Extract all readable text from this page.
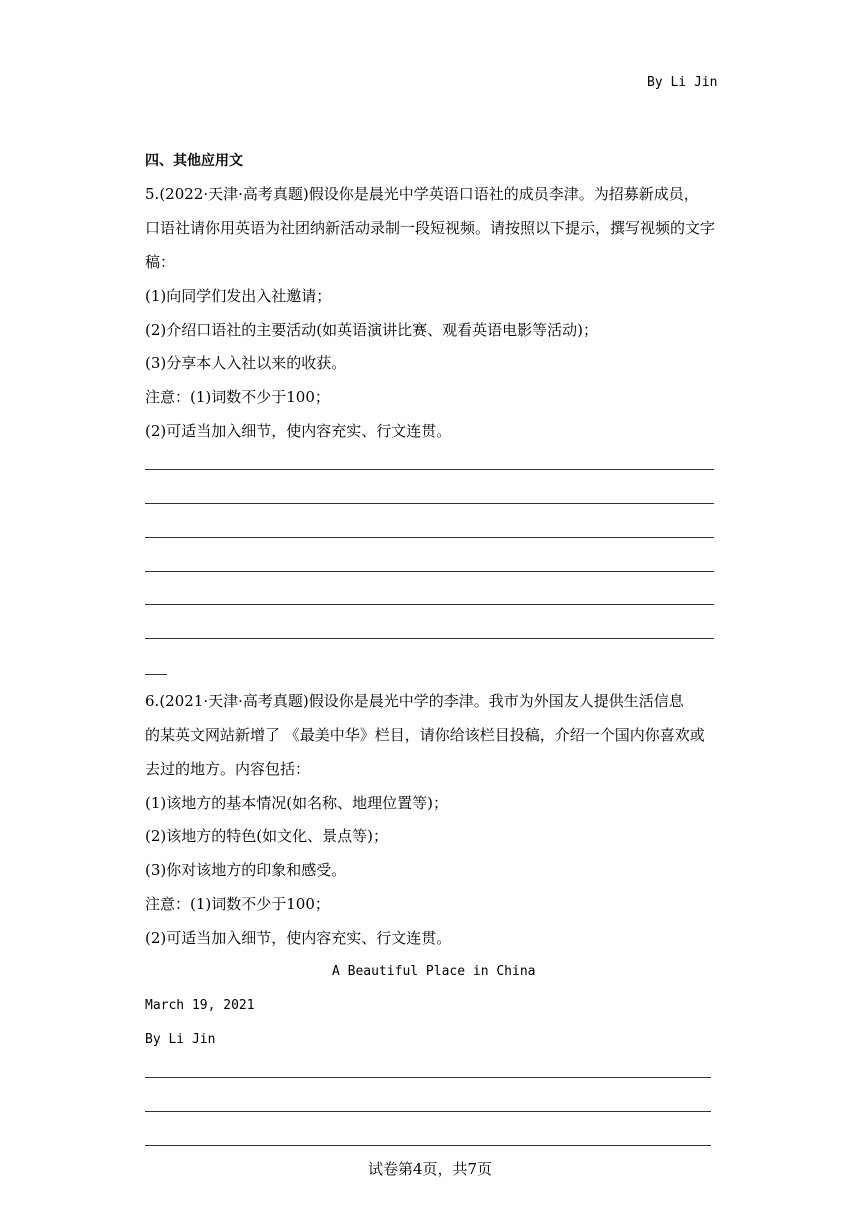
By Li Jin
四、其他应用文
5.(2022·天津·高考真题)假设你是晨光中学英语口语社的成员李津。为招募新成员，
口语社请你用英语为社团纳新活动录制一段短视频。请按照以下提示，撰写视频的文字
稿：
(1)向同学们发出入社邀请；
(2)介绍口语社的主要活动(如英语演讲比赛、观看英语电影等活动)；
(3)分享本人入社以来的收获。
注意：(1)词数不少于100；
(2)可适当加入细节，使内容充实、行文连贯。
6.(2021·天津·高考真题)假设你是晨光中学的李津。我市为外国友人提供生活信息
的某英文网站新增了 《最美中华》栏目，请你给该栏目投稿，介绍一个国内你喜欢或
去过的地方。内容包括：
(1)该地方的基本情况(如名称、地理位置等)；
(2)该地方的特色(如文化、景点等)；
(3)你对该地方的印象和感受。
注意：(1)词数不少于100；
(2)可适当加入细节，使内容充实、行文连贯。
A Beautiful Place in China
March 19, 2021
By Li Jin
试卷第4页，共7页
